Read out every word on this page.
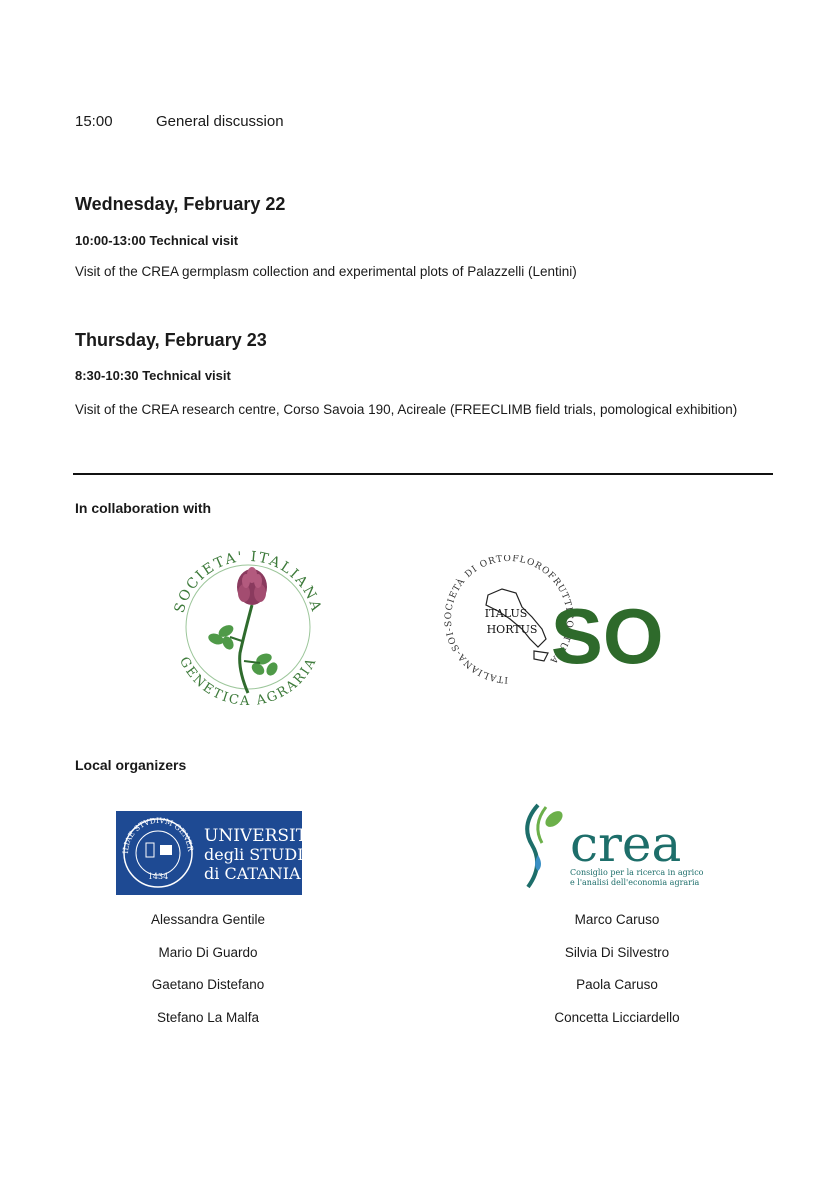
15:00	General discussion
Wednesday, February 22
10:00-13:00 Technical visit
Visit of the CREA germplasm collection and experimental plots of Palazzelli (Lentini)
Thursday, February 23
8:30-10:30 Technical visit
Visit of the CREA research centre, Corso Savoia 190, Acireale (FREECLIMB field trials, pomological exhibition)
In collaboration with
SOCIETA' ITALIANA
GENETICA AGRARIA
ITALIANA-SOI-SOCIETÀ DI ORTOFLOROFRUTTICOLTURA
ITALUS
HORTUS SO
Local organizers
ILIAE STVDIVM GENER
1434
UNIVERSIT
degli STUDI
di CATANIA
crea
Consiglio per la ricerca in agrico
e l'analisi dell'economia agraria
Alessandra Gentile
Mario Di Guardo
Gaetano Distefano
Stefano La Malfa
Marco Caruso
Silvia Di Silvestro
Paola Caruso
Concetta Licciardello
